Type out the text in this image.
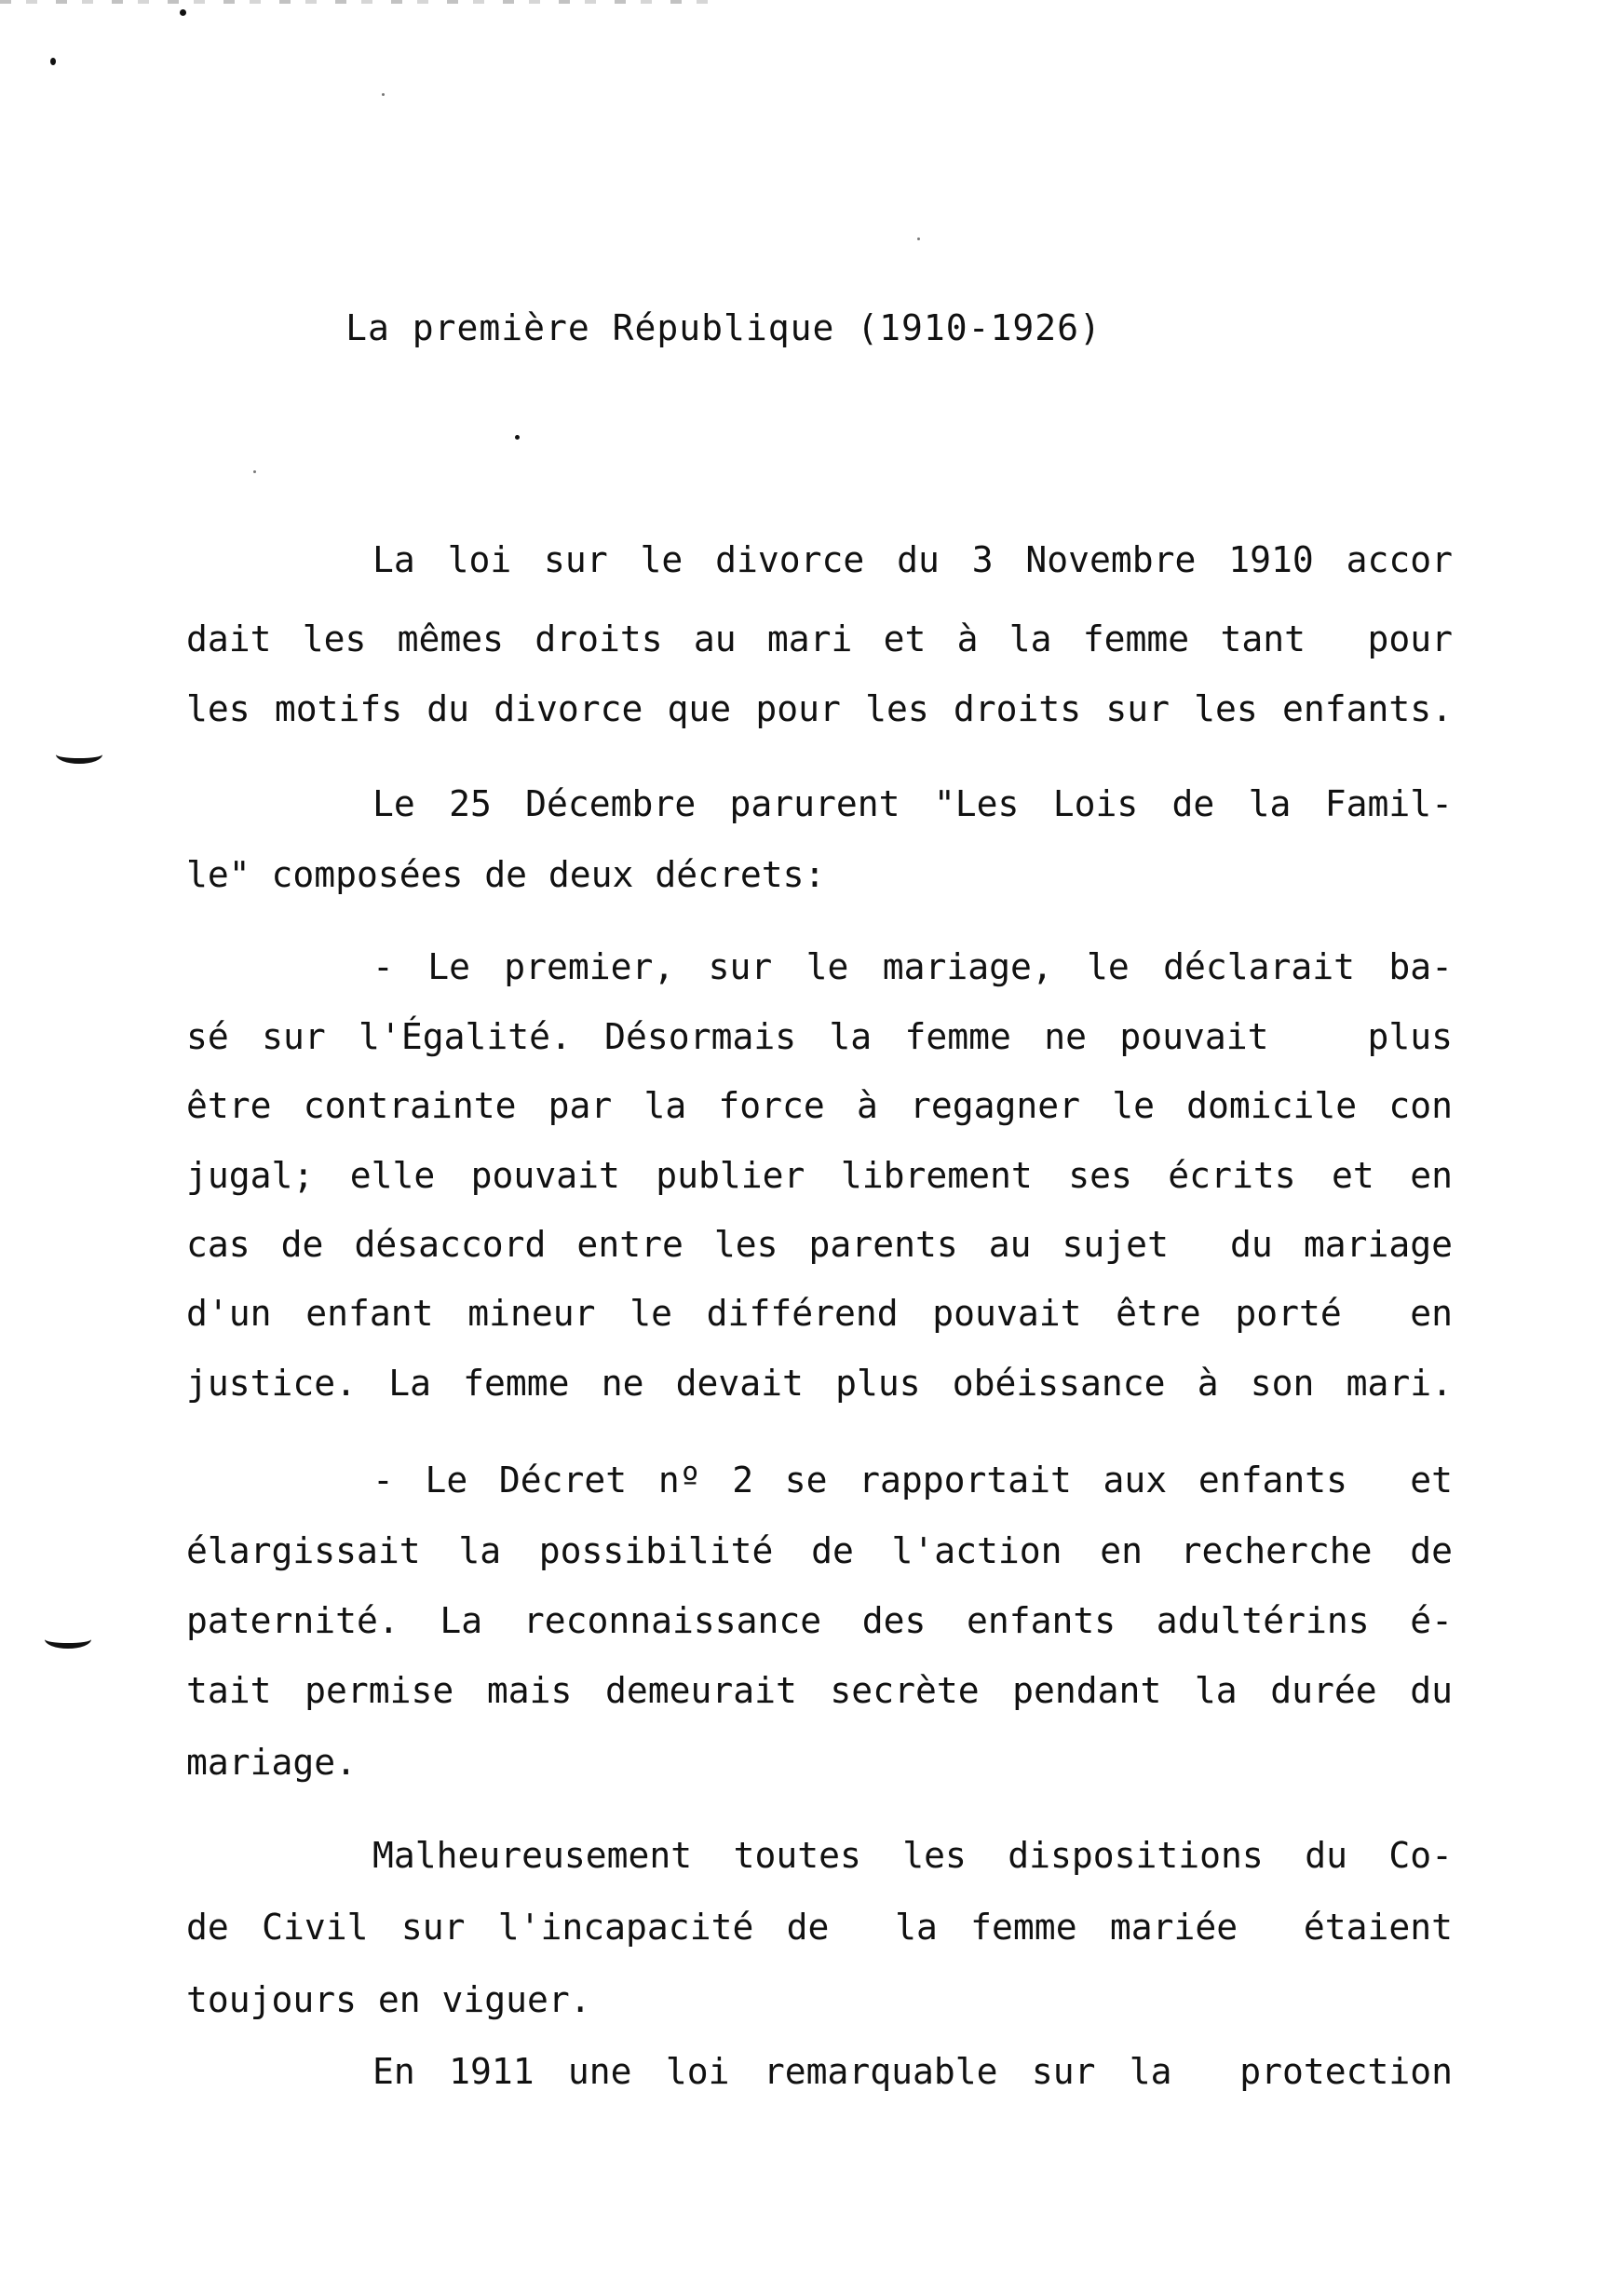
La première République (1910-1926)
La loi sur le divorce du 3 Novembre 1910 accor
dait les mêmes droits au mari et à la femme tant  pour
les motifs du divorce que pour les droits sur les enfants.
Le 25 Décembre parurent "Les Lois de la Famil-
le" composées de deux décrets:
- Le premier, sur le mariage, le déclarait ba-
sé sur l'Égalité. Désormais la femme ne pouvait   plus
être contrainte par la force à regagner le domicile con
jugal; elle pouvait publier librement ses écrits et en
cas de désaccord entre les parents au sujet  du mariage
d'un enfant mineur le différend pouvait être porté  en
justice. La femme ne devait plus obéissance à son mari.
- Le Décret nº 2 se rapportait aux enfants  et
élargissait la possibilité de l'action en recherche de
paternité. La reconnaissance des enfants adultérins é-
tait permise mais demeurait secrète pendant la durée du
mariage.
Malheureusement toutes les dispositions du Co-
de Civil sur l'incapacité de  la femme mariée  étaient
toujours en viguer.
En 1911 une loi remarquable sur la  protection
